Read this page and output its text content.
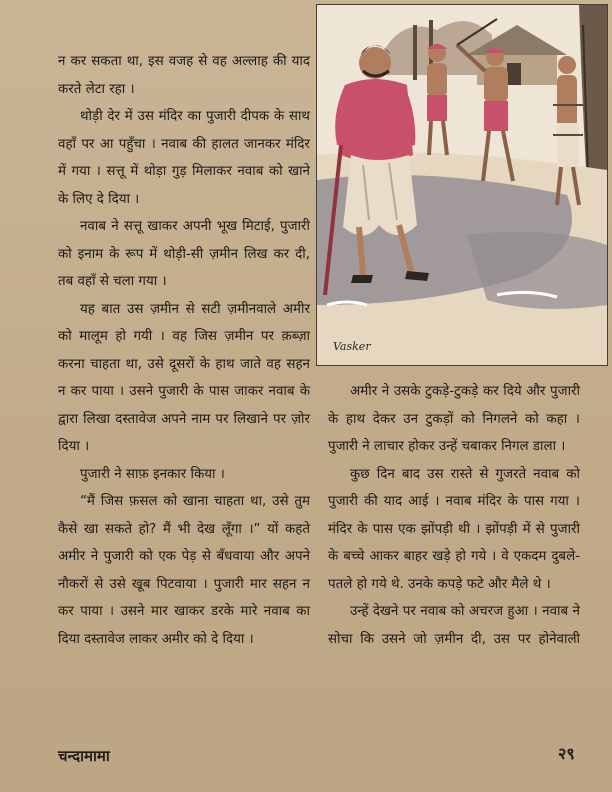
न कर सकता था, इस वजह से वह अल्लाह की याद करते लेटा रहा ।

थोड़ी देर में उस मंदिर का पुजारी दीपक के साथ वहाँ पर आ पहुँचा । नवाब की हालत जानकर मंदिर में गया । सत्तू में थोड़ा गुड़ मिलाकर नवाब को खाने के लिए दे दिया ।

नवाब ने सत्तू खाकर अपनी भूख मिटाई, पुजारी को इनाम के रूप में थोड़ी-सी ज़मीन लिख कर दी, तब वहाँ से चला गया ।

यह बात उस ज़मीन से सटी ज़मीनवाले अमीर को मालूम हो गयी । वह जिस ज़मीन पर क़ब्ज़ा करना चाहता था, उसे दूसरों के हाथ जाते वह सहन न कर पाया । उसने पुजारी के पास जाकर नवाब के द्वारा लिखा दस्तावेज अपने नाम पर लिखाने पर ज़ोर दिया ।

पुजारी ने साफ़ इनकार किया ।

“मैं जिस फ़सल को खाना चाहता था, उसे तुम कैसे खा सकते हो? मैं भी देख लूँगा ।” यों कहते अमीर ने पुजारी को एक पेड़ से बँधवाया और अपने नौकरों से उसे खूब पिटवाया । पुजारी मार सहन न कर पाया । उसने मार खाकर डरके मारे नवाब का दिया दस्तावेज लाकर अमीर को दे दिया ।

Vasker

अमीर ने उसके टुकड़े-टुकड़े कर दिये और पुजारी के हाथ देकर उन टुकड़ों को निगलने को कहा । पुजारी ने लाचार होकर उन्हें चबाकर निगल डाला ।

कुछ दिन बाद उस रास्ते से गुजरते नवाब को पुजारी की याद आई । नवाब मंदिर के पास गया । मंदिर के पास एक झोंपड़ी थी । झोंपड़ी में से पुजारी के बच्चे आकर बाहर खड़े हो गये । वे एकदम दुबले-पतले हो गये थे. उनके कपड़े फटे और मैले थे ।

उन्हें देखने पर नवाब को अचरज हुआ । नवाब ने सोचा कि उसने जो ज़मीन दी, उस पर होनेवाली

चन्दामामा	२९
